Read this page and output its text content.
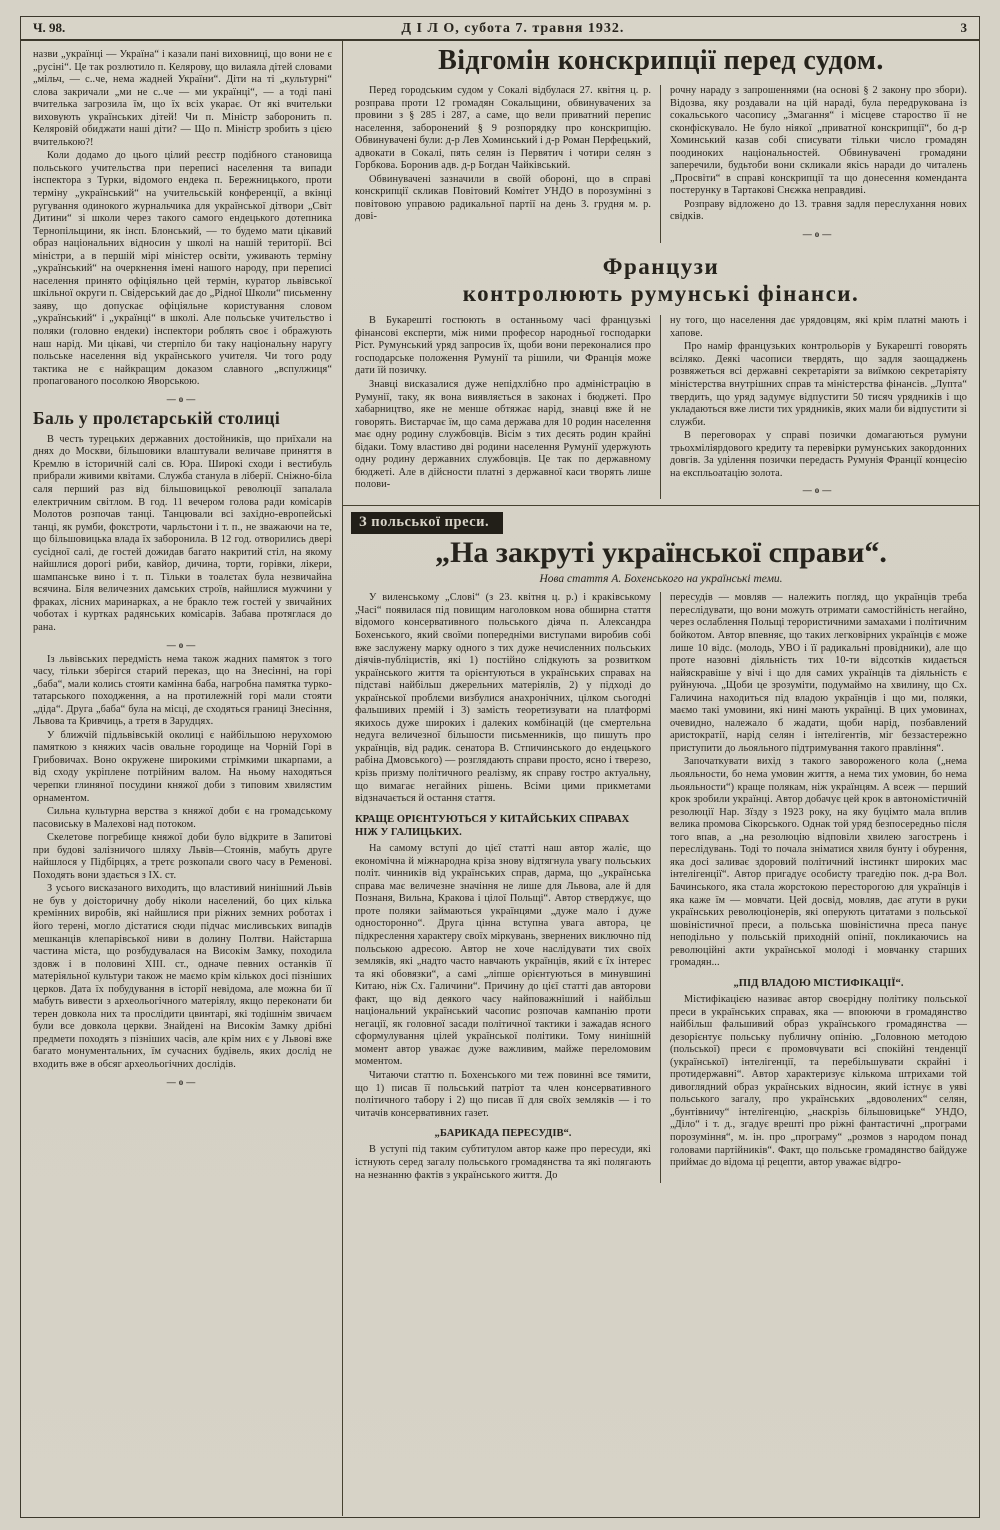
Ч. 98.	Д І Л О, субота 7. травня 1932.	3

назви „українці — Україна“ і казали пані виховниці, що вони не є „русіні“. Це так розлютило п. Келярову, що вилаяла дітей словами „мільч, — с..че, нема жадней України“. Діти на ті „культурні“ слова закричали „ми не с..че — ми українці“, — а тоді пані вчителька загрозила їм, що їх всіх укарає. От які вчительки виховують українських дітей! Чи п. Міністр заборонить п. Келяровій обиджати наші діти? — Що п. Міністр зробить з цією вчителькою?!

Коли додамо до цього цілий реєстр подібного становища польського учительства при переписі населення та випади інспектора з Турки, відомого ендека п. Бережницького, проти терміну „український“ на учительській конференції, а вкінці ругування одинокого журнальчика для української дітвори „Світ Дитини“ зі школи через такого самого ендецького дотепника Тернопільщини, як інсп. Блонський, — то будемо мати цікавий образ національних відносин у школі на нашій території. Всі міністри, а в першій мірі міністер освіти, уживають терміну „український“ на очеркнення імені нашого народу, при переписі населення принято офіціяльно цей термін, куратор львівської шкільної округи п. Свідерський дає до „Рідної Школи“ письменну заяву, що допускає офіціяльне користування словом „український“ і „українці“ в школі. Але польське учительство і поляки (головно ендеки) інспектори роблять своє і ображують наш нарід. Ми цікаві, чи стерпіло би таку національну наругу польське населення від українського учителя. Чи того роду тактика не є найкращим доказом славного „вспулжиця“ пропагованого посолкою Яворською.

—о—
Баль у пролєтарській столиці

В честь турецьких державних достойників, що приїхали на днях до Москви, більшовики влаштували величаве приняття в Кремлю в історичній салі св. Юра. Широкі сходи і вестибуль прибрали живими квітами. Служба станула в ліберії. Сніжно-біла саля перший раз від більшовицької революції запалала електричним світлом. В год. 11 вечером голова ради комісарів Молотов розпочав танці. Танцювали всі західно-европейські танці, як румби, фокстроти, чарльстони і т. п., не зважаючи на те, що більшовицька влада їх заборонила. В 12 год. отворились двері сусідної салі, де гостей дожидав багато накритий стіл, на якому найшлися дорогі риби, кавйор, дичина, торти, горівки, лікери, шампанське вино і т. п. Тільки в тоалєтах була незвичайна всячина. Біля величезних дамських строїв, найшлися мужчини у фраках, лісних маринарках, а не бракло теж гостей у звичайних чоботах і куртках радянських комісарів. Забава протяглася до рана.

—о—

Із львівських передмість нема також жадних памяток з того часу, тільки зберігся старий переказ, що на Знесінні, на горі „баба“, мали колись стояти камінна баба, нагробна памятка турко-татарського походження, а на протилежній горі мали стояти „діда“. Друга „баба“ була на місці, де сходяться границі Знесіння, Львова та Кривчиць, а третя в Зарудцях.

У ближчій підльвівській околиці є найбільшою нерухомою памяткою з княжих часів овальне городище на Чорній Горі в Грибовичах. Воно окружене широкими стрімкими шкарпами, а від сходу укріплене потрійним валом. На ньому находяться черепки глиняної посудини княжої доби з типовим хвилястим орнаментом.

Сильна культурна верства з княжої доби є на громадському пасовиську в Малехові над потоком.

Скелетове погребище княжої доби було відкрите в Запитові при будові залізничого шляху Львів—Стоянів, мабуть друге найшлося у Підбірцях, а третє розкопали свого часу в Ременові. Походять вони здається з IX. ст.

З усього висказаного виходить, що властивий нинішний Львів не був у доісторичну добу ніколи населений, бо цих кілька кремінних виробів, які найшлися при ріжних земних роботах і його терені, могло дістатися сюди підчас мисливських випадів мешканців клепарівської ниви в долину Полтви. Найстарша частина міста, що розбудувалася на Високім Замку, походила здовж і в половині XIII. ст., одначе певних останків її матеріяльної культури також не маємо крім кількох досі пізніших церков. Дата їх побудування в історії невідома, але можна би її мабуть вивести з археольогічного матеріялу, якщо переконати би терен довкола них та прослідити цвинтарі, які тодішнім звичаєм були все довкола церкви. Знайдені на Високім Замку дрібні предмети походять з пізніших часів, але крім них є у Львові вже багато монументальних, їм сучасних будівель, яких дослід не входить вже в обсяг археольогічних дослідів.

—о—
Відгомін конскрипції перед судом.

Перед городським судом у Сокалі відбулася 27. квітня ц. р. розправа проти 12 громадян Сокальщини, обвинувачених за провини з § 285 і 287, а саме, що вели приватний перепис населення, заборонений § 9 розпорядку про конскрипцію. Обвинувачені були: д-р Лев Хоминський і д-р Роман Перфецький, адвокати в Сокалі, пять селян із Первятич і чотири селян з Горбкова. Боронив адв. д-р Богдан Чайківський.

Обвинувачені зазначили в своїй обороні, що в справі конскрипції скликав Повітовий Комітет УНДО в порозумінні з повітовою управою радикальної партії на день 3. грудня м. р. дові-

рочну нараду з запрошеннями (на основі § 2 закону про збори). Відозва, яку роздавали на цій нараді, була передрукована із сокальського часопису „Змагання“ і місцеве староство її не сконфіскувало. Не було ніякої „приватної конскрипції“, бо д-р Хоминський казав собі списувати тільки число громадян поодиноких національностей. Обвинувачені громадяни заперечили, будьтоби вони скликали якісь наради до читалень „Просвіти“ в справі конскрипції та що донесення коменданта постерунку в Тартакові Снєжка неправдиві.

Розправу відложено до 13. травня задля переслухання нових свідків.

—о—
Французи
контролюють румунські фінанси.

В Букарешті гостюють в останньому часі французькі фінансові експерти, між ними професор народньої господарки Ріст. Румунський уряд запросив їх, щоби вони переконалися про господарське положення Румунії та рішили, чи Франція може дати їй позичку.

Знавці висказалися дуже непідхлібно про адміністрацію в Румунії, таку, як вона виявляється в законах і бюджеті. Про хабарництво, яке не менше обтяжає нарід, знавці вже й не говорять. Вистарчає їм, що сама держава для 10 родин населення має одну родину службовців. Вісім з тих десять родин крайні бідаки. Тому властиво дві родини населення Румунії удержують одну родину державних службовців. Це так по державному бюджеті. Але в дійсности платні з державної каси творять лише полови-

ну того, що населення дає урядовцям, які крім платні мають і хапове.

Про намір французьких контрольорів у Букарешті говорять всіляко. Деякі часописи твердять, що задля заощаджень розвяжеться всі державні секретаріяти за виїмкою секретаріяту міністерства внутрішних справ та міністерства фінансів. „Лупта“ твердить, що уряд задумує відпустити 50 тисяч урядників і що укладаються вже листи тих урядників, яких мали би відпустити зі служби.

В переговорах у справі позички домагаються румуни трьохміліярдового кредиту та перевірки румунських закордонних довгів. За уділення позички передасть Румунія Франції концесію на експльоатацію золота.

—о—
З польської преси.
„На закруті української справи“.
Нова стаття А. Бохенського на українські теми.

У виленському „Слові“ (з 23. квітня ц. р.) і краківському „Часі“ появилася під повищим наголовком нова обширна стаття відомого консервативного польського діяча п. Александра Бохенського, який своїми попередніми виступами виробив собі вже заслужену марку одного з тих дуже нечисленних польських діячів-публіцистів, які 1) постійно слідкують за розвитком українського життя та орієнтуються в українських справах на підставі найбільш джерельних матеріялів, 2) у підході до української проблєми визбулися анахронічних, цілком сьогодні фальшивих премій і 3) замість теоретизувати на платформі якихось дуже широких і далеких комбінацій (це смертельна недуга величезної більшости письменників, що пишуть про українців, від радик. сенатора В. Стпичинського до ендецького рабіна Дмовського) — розглядають справи просто, ясно і тверезо, крізь призму політичного реалізму, як справу гостро актуальну, що вимагає негайних рішень. Всіми цими прикметами відзначається й остання стаття.

КРАЩЕ ОРІЄНТУЮТЬСЯ У КИТАЙСЬКИХ СПРАВАХ НІЖ У ГАЛИЦЬКИХ.

На самому вступі до цієї статті наш автор жаліє, що економічна й міжнародна кріза знову відтягнула увагу польських політ. чинників від українських справ, дарма, що „українська справа має величезне значіння не лише для Львова, але й для Познаня, Вильна, Кракова і цілої Польщі“. Автор стверджує, що проте поляки займаються українцями „дуже мало і дуже односторонно“. Друга цінна вступна увага автора, це підкреслення характеру своїх міркувань, звернених виключно під польською адресою. Автор не хоче наслідувати тих своїх земляків, які „надто часто навчають українців, який є їх інтерес та які обовязки“, а самі „ліпше орієнтуються в минувшині Китаю, ніж Сх. Галичини“. Причину до цієї статті дав авторови факт, що від деякого часу найповажніший і найбільш національний український часопис розпочав кампанію проти негації, як головної засади політичної тактики і зажадав ясного сформулування цілей української політики. Тому нинішній момент автор уважає дуже важливим, майже переломовим моментом.

Читаючи статтю п. Бохенського ми теж повинні все тямити, що 1) писав її польський патріот та член консервативного політичного табору і 2) що писав її для своїх земляків — і то читачів консервативних газет.

„БАРИКАДА ПЕРЕСУДІВ“.

В уступі під таким субтитулом автор каже про пересуди, які істнують серед загалу польського громадянства та які полягають на незнанню фактів з українського життя. До

пересудів — мовляв — належить погляд, що українців треба переслідувати, що вони можуть отримати самостійність негайно, через ослаблення Польщі терористичними замахами і політичним бойкотом. Автор впевняє, що таких легковірних українців є може лише 10 відс. (молодь, УВО і її радикальні провідники), але що проте назовні діяльність тих 10-ти відсотків кидається найяскравіше у вічі і що для самих українців та діяльність є руйнуюча. „Щоби це зрозуміти, подумаймо на хвилину, що Сх. Галичина находиться під владою українців і що ми, поляки, маємо такі умовини, які нині мають українці. В цих умовинах, очевидно, належало б жадати, щоби нарід, позбавлений аристократії, нарід селян і інтелігентів, міг беззастережно приступити до льояльного підтримування такого правління“.

Започаткувати вихід з такого завороженого кола („нема льояльности, бо нема умовин життя, а нема тих умовин, бо нема льояльности“) краще полякам, ніж українцям. А всеж — перший крок зробили українці. Автор добачує цей крок в автономістичній резолюції Нар. Зїзду з 1923 року, на яку буцімто мала вплив велика промова Сікорського. Однак той уряд безпосередньо після того впав, а „на резолюцію відповіли хвилею загострень і переслідувань. Тоді то почала зніматися хвиля бунту і обурення, яка досі заливає здоровий політичний інстинкт широких мас інтелігенції“. Автор пригадує особисту трагедію пок. д-ра Вол. Бачинського, яка стала жорстокою пересторогою для українців і яка каже їм — мовчати. Цей досвід, мовляв, дає атути в руки українських революціонерів, які оперують цитатами з польської шовіністичної преси, а польська шовіністична преса панує неподільно у польській приходній опінії, покликаючись на революційні акти української молоді і мовчанку старших громадян...

„ПІД ВЛАДОЮ МІСТИФІКАЦІЇ“.

Містифікацією називає автор своєрідну політику польської преси в українських справах, яка — впоюючи в громадянство найбільш фальшивий образ українського громадянства — дезорієнтує польську публичну опінію. „Головною методою (польської) преси є промовчувати всі спокійні тенденції (української) інтелігенції, та перебільшувати скрайні і протидержавні“. Автор характеризує кількома штрихами той дивоглядний образ українських відносин, який істнує в уяві польського загалу, про українських „вдоволених“ селян, „бунтівничу“ інтелігенцію, „наскрізь більшовицьке“ УНДО, „Діло“ і т. д., згадує врешті про ріжні фантастичні „програми порозуміння“, м. ін. про „програму“ „розмов з народом понад головами партійників“. Факт, що польське громадянство байдуже приймає до відома ці рецепти, автор уважає відгро-
